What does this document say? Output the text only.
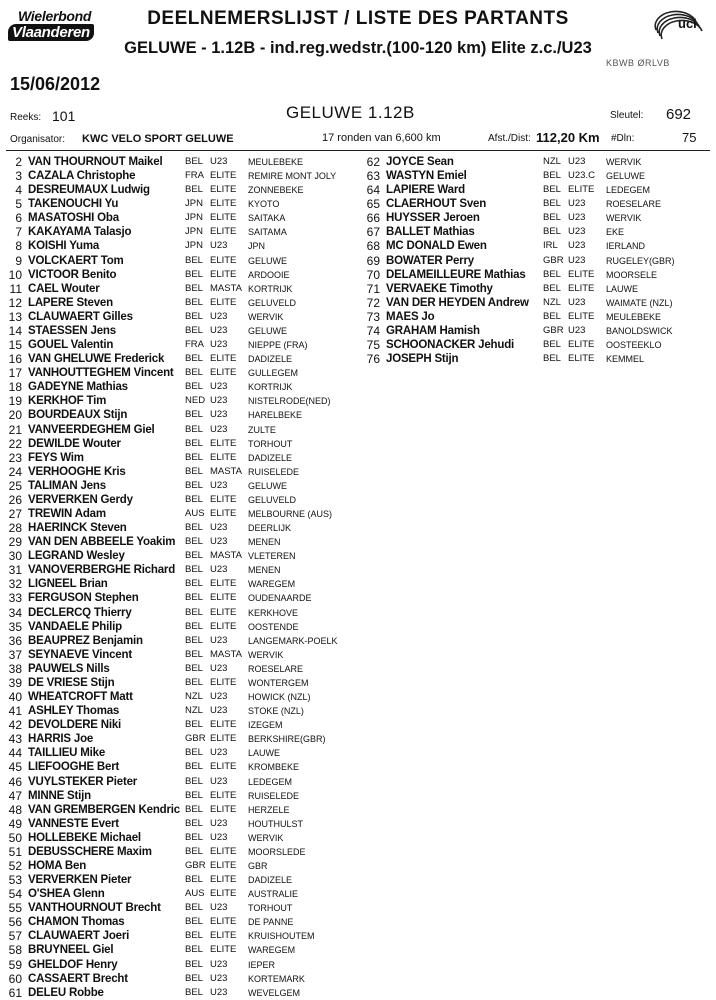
Wielerbond
Vlaanderen
DEELNEMERSLIJST / LISTE DES PARTANTS
GELUWE - 1.12B - ind.reg.wedstr.(100-120 km) Elite z.c./U23
uci
KBWB ØRLVB
15/06/2012
Reeks: 101	GELUWE 1.12B	Sleutel: 692
Organisator: KWC VELO SPORT GELUWE	17 ronden van 6,600 km	Afst./Dist: 112,20 Km #Dln:	75
2 VAN THOURNOUT Maikel BEL U23 MEULEBEKE
3 CAZALA Christophe	FRA ELITE REMIRE MONT JOLY
4 DESREUMAUX Ludwig	BEL ELITE ZONNEBEKE
5 TAKENOUCHI Yu	JPN ELITE KYOTO
6 MASATOSHI Oba	JPN ELITE SAITAKA
7 KAKAYAMA Talasjo	JPN ELITE SAITAMA
8 KOISHI Yuma	JPN U23 JPN
9 VOLCKAERT Tom	BEL ELITE GELUWE
10 VICTOOR Benito	BEL ELITE ARDOOIE
11 CAEL Wouter	BEL MASTA KORTRIJK
12 LAPERE Steven	BEL ELITE GELUVELD
13 CLAUWAERT Gilles	BEL U23 WERVIK
14 STAESSEN Jens	BEL U23 GELUWE
15 GOUEL Valentin	FRA U23 NIEPPE (FRA)
16 VAN GHELUWE Frederick BEL ELITE DADIZELE
17 VANHOUTTEGHEM Vincent BEL ELITE GULLEGEM
18 GADEYNE Mathias	BEL U23 KORTRIJK
19 KERKHOF Tim	NED U23 NISTELRODE(NED)
20 BOURDEAUX Stijn	BEL U23 HARELBEKE
21 VANVEERDEGHEM Giel	BEL U23 ZULTE
22 DEWILDE Wouter	BEL ELITE TORHOUT
23 FEYS Wim	BEL ELITE DADIZELE
24 VERHOOGHE Kris	BEL MASTA RUISELEDE
25 TALIMAN Jens	BEL U23 GELUWE
26 VERVERKEN Gerdy	BEL ELITE GELUVELD
27 TREWIN Adam	AUS ELITE MELBOURNE (AUS)
28 HAERINCK Steven	BEL U23 DEERLIJK
29 VAN DEN ABBEELE Yoakim BEL U23 MENEN
30 LEGRAND Wesley	BEL MASTA VLETEREN
31 VANOVERBERGHE Richard BEL U23 MENEN
32 LIGNEEL Brian	BEL ELITE WAREGEM
33 FERGUSON Stephen	BEL ELITE OUDENAARDE
34 DECLERCQ Thierry	BEL ELITE KERKHOVE
35 VANDAELE Philip	BEL ELITE OOSTENDE
36 BEAUPREZ Benjamin	BEL U23 LANGEMARK-POELK
37 SEYNAEVE Vincent	BEL MASTA WERVIK
38 PAUWELS Nills	BEL U23 ROESELARE
39 DE VRIESE Stijn	BEL ELITE WONTERGEM
40 WHEATCROFT Matt	NZL U23 HOWICK (NZL)
41 ASHLEY Thomas	NZL U23 STOKE (NZL)
42 DEVOLDERE Niki	BEL ELITE IZEGEM
43 HARRIS Joe	GBR ELITE BERKSHIRE(GBR)
44 TAILLIEU Mike	BEL U23 LAUWE
45 LIEFOOGHE Bert	BEL ELITE KROMBEKE
46 VUYLSTEKER Pieter	BEL U23 LEDEGEM
47 MINNE Stijn	BEL ELITE RUISELEDE
48 VAN GREMBERGEN Kendric BEL ELITE HERZELE
49 VANNESTE Evert	BEL U23 HOUTHULST
50 HOLLEBEKE Michael	BEL U23 WERVIK
51 DEBUSSCHERE Maxim	BEL ELITE MOORSLEDE
52 HOMA Ben	GBR ELITE GBR
53 VERVERKEN Pieter	BEL ELITE DADIZELE
54 O'SHEA Glenn	AUS ELITE AUSTRALIE
55 VANTHOURNOUT Brecht	BEL U23 TORHOUT
56 CHAMON Thomas	BEL ELITE DE PANNE
57 CLAUWAERT Joeri	BEL ELITE KRUISHOUTEM
58 BRUYNEEL Giel	BEL ELITE WAREGEM
59 GHELDOF Henry	BEL U23 IEPER
60 CASSAERT Brecht	BEL U23 KORTEMARK
61 DELEU Robbe	BEL U23 WEVELGEM
62 JOYCE Sean	NZL U23 WERVIK
63 WASTYN Emiel	BEL U23.C GELUWE
64 LAPIERE Ward	BEL ELITE LEDEGEM
65 CLAERHOUT Sven	BEL U23 ROESELARE
66 HUYSSER Jeroen	BEL U23 WERVIK
67 BALLET Mathias	BEL U23 EKE
68 MC DONALD Ewen	IRL U23 IERLAND
69 BOWATER Perry	GBR U23 RUGELEY(GBR)
70 DELAMEILLEURE Mathias BEL ELITE MOORSELE
71 VERVAEKE Timothy	BEL ELITE LAUWE
72 VAN DER HEYDEN Andrew NZL U23 WAIMATE (NZL)
73 MAES Jo	BEL ELITE MEULEBEKE
74 GRAHAM Hamish	GBR U23 BANOLDSWICK
75 SCHOONACKER Jehudi	BEL ELITE OOSTEEKLO
76 JOSEPH Stijn	BEL ELITE KEMMEL
